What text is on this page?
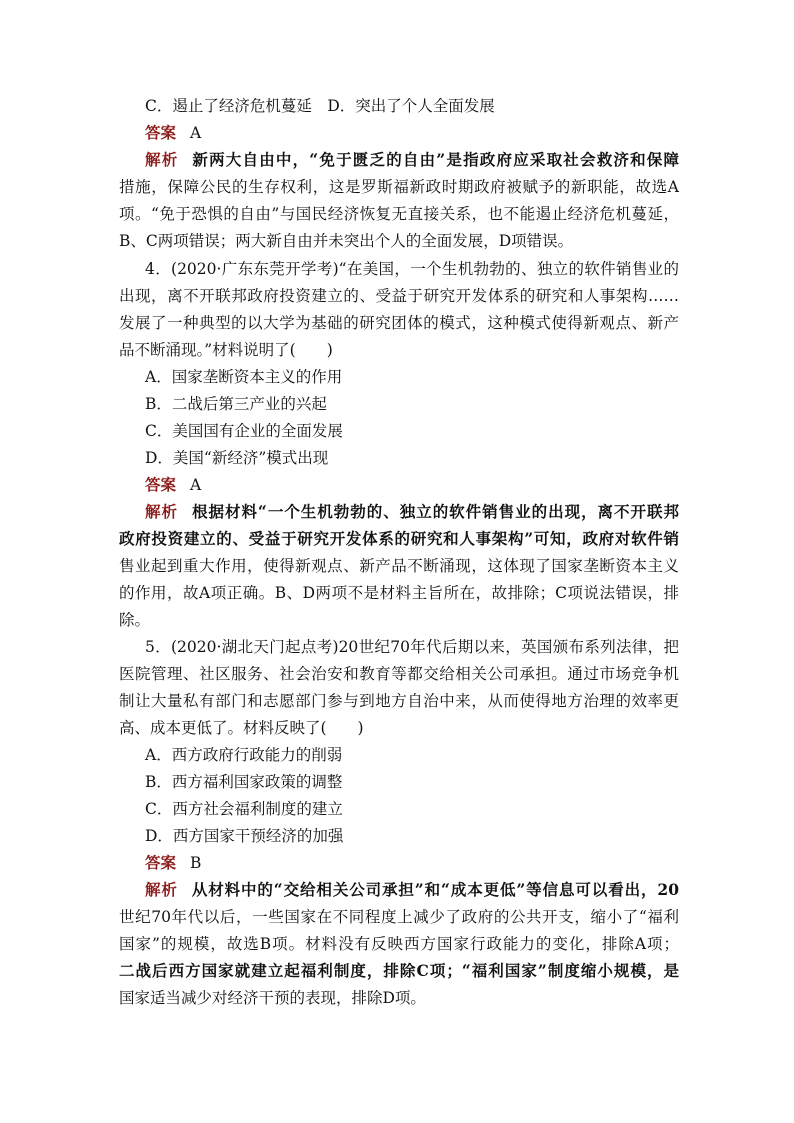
C．遏止了经济危机蔓延　D．突出了个人全面发展
答案 A
解析 新两大自由中，“免于匮乏的自由”是指政府应采取社会救济和保障
措施，保障公民的生存权利，这是罗斯福新政时期政府被赋予的新职能，故选A
项。“免于恐惧的自由”与国民经济恢复无直接关系，也不能遏止经济危机蔓延，
B、C两项错误；两大新自由并未突出个人的全面发展，D项错误。
4．(2020·广东东莞开学考)“在美国，一个生机勃勃的、独立的软件销售业的
出现，离不开联邦政府投资建立的、受益于研究开发体系的研究和人事架构……
发展了一种典型的以大学为基础的研究团体的模式，这种模式使得新观点、新产
品不断涌现。”材料说明了(　　)
A．国家垄断资本主义的作用
B．二战后第三产业的兴起
C．美国国有企业的全面发展
D．美国“新经济”模式出现
答案 A
解析 根据材料“一个生机勃勃的、独立的软件销售业的出现，离不开联邦
政府投资建立的、受益于研究开发体系的研究和人事架构”可知，政府对软件销
售业起到重大作用，使得新观点、新产品不断涌现，这体现了国家垄断资本主义
的作用，故A项正确。B、D两项不是材料主旨所在，故排除；C项说法错误，排
除。
5．(2020·湖北天门起点考)20世纪70年代后期以来，英国颁布系列法律，把
医院管理、社区服务、社会治安和教育等都交给相关公司承担。通过市场竞争机
制让大量私有部门和志愿部门参与到地方自治中来，从而使得地方治理的效率更
高、成本更低了。材料反映了(　　)
A．西方政府行政能力的削弱
B．西方福利国家政策的调整
C．西方社会福利制度的建立
D．西方国家干预经济的加强
答案 B
解析 从材料中的“交给相关公司承担”和“成本更低”等信息可以看出，20
世纪70年代以后，一些国家在不同程度上减少了政府的公共开支，缩小了“福利
国家”的规模，故选B项。材料没有反映西方国家行政能力的变化，排除A项；
二战后西方国家就建立起福利制度，排除C项；“福利国家”制度缩小规模，是
国家适当减少对经济干预的表现，排除D项。
